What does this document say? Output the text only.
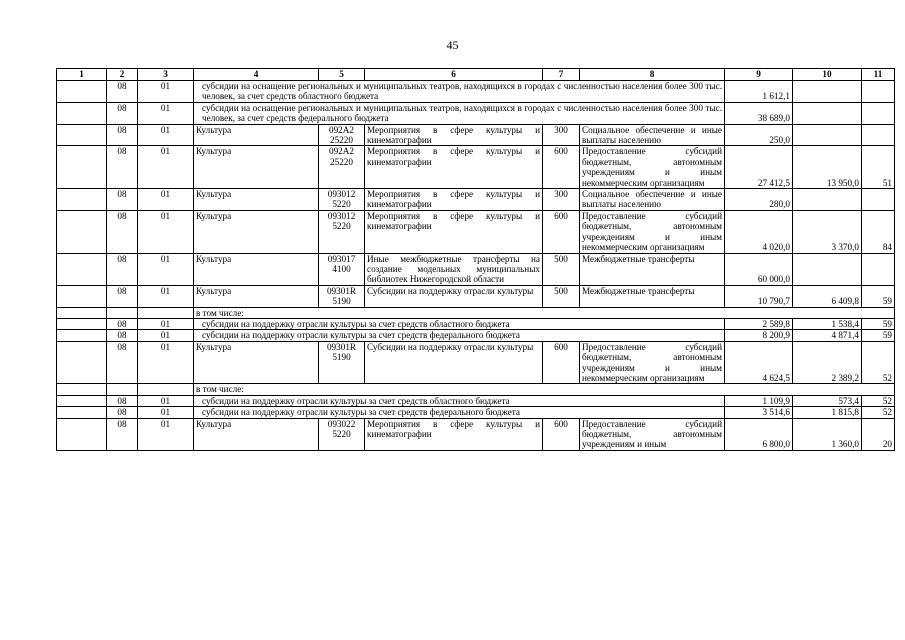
45
1	2	3	4	5	6	7	8	9	10	11
	08	01	субсидии на оснащение региональных и муниципальных театров, находящихся в городах с численностью населения более 300 тыс. человек, за счет средств областного бюджета					1 612,1		
	08	01	субсидии на оснащение региональных и муниципальных театров, находящихся в городах с численностью населения более 300 тыс. человек, за счет средств федерального бюджета					38 689,0		
	08	01	Культура	092А2 25220	Мероприятия в сфере культуры и кинематографии	300	Социальное обеспечение и иные выплаты населению	250,0		
	08	01	Культура	092А2 25220	Мероприятия в сфере культуры и кинематографии	600	Предоставление субсидий бюджетным, автономным учреждениям и иным некоммерческим организациям	27 412,5	13 950,0	51
	08	01	Культура	093012 5220	Мероприятия в сфере культуры и кинематографии	300	Социальное обеспечение и иные выплаты населению	280,0		
	08	01	Культура	093012 5220	Мероприятия в сфере культуры и кинематографии	600	Предоставление субсидий бюджетным, автономным учреждениям и иным некоммерческим организациям	4 020,0	3 370,0	84
	08	01	Культура	093017 4100	Иные межбюджетные трансферты на создание модельных муниципальных библиотек Нижегородской области	500	Межбюджетные трансферты	60 000,0		
	08	01	Культура	09301R 5190	Субсидии на поддержку отрасли культуры	500	Межбюджетные трансферты	10 790,7	6 409,8	59
			в том числе:							
	08	01	субсидии на поддержку отрасли культуры за счет средств областного бюджета					2 589,8	1 538,4	59
	08	01	субсидии на поддержку отрасли культуры за счет средств федерального бюджета					8 200,9	4 871,4	59
	08	01	Культура	09301R 5190	Субсидии на поддержку отрасли культуры	600	Предоставление субсидий бюджетным, автономным учреждениям и иным некоммерческим организациям	4 624,5	2 389,2	52
			в том числе:							
	08	01	субсидии на поддержку отрасли культуры за счет средств областного бюджета					1 109,9	573,4	52
	08	01	субсидии на поддержку отрасли культуры за счет средств федерального бюджета					3 514,6	1 815,8	52
	08	01	Культура	093022 5220	Мероприятия в сфере культуры и кинематографии	600	Предоставление субсидий бюджетным, автономным учреждениям и иным	6 800,0	1 360,0	20
